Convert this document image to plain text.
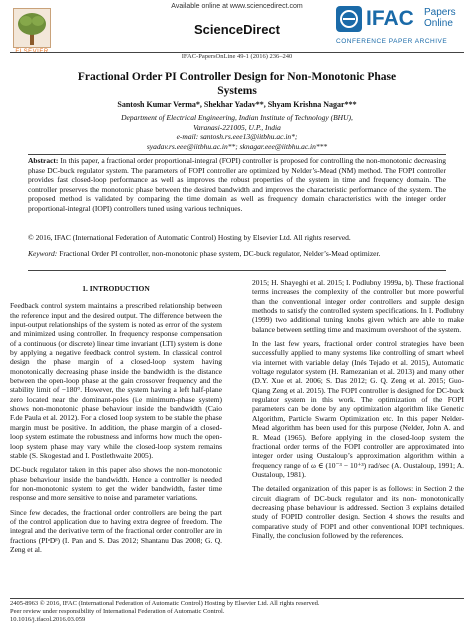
Available online at www.sciencedirect.com
ScienceDirect	IFAC Papers
Online
CONFERENCE PAPER ARCHIVE
IFAC-PapersOnLine 49-1 (2016) 236–240
Fractional Order PI Controller Design for Non-Monotonic Phase Systems
Santosh Kumar Verma*, Shekhar Yadav**, Shyam Krishna Nagar***
Department of Electrical Engineering, Indian Institute of Technology (BHU),
Varanasi-221005, U.P., India
e-mail: santosh.rs.eee13@iitbhu.ac.in*;
syadav.rs.eee@iitbhu.ac.in**; sknagar.eee@iitbhu.ac.in***
Abstract: In this paper, a fractional order proportional-integral (FOPI) controller is proposed for controlling the non-monotonic decreasing phase DC-buck regulator system. The parameters of FOPI controller are optimized by Nelder’s-Mead (NM) method. The FOPI controller provides fast closed-loop performance as well as improves the robust properties of the system in time and frequency domain. The controller preserves the monotonic phase between the desired bandwidth and improves the characteristic performance of the system. The proposed method is validated by comparing the time domain as well as frequency domain characteristics with the integer order proportional-integral (IOPI) controllers tuned using various techniques.
© 2016, IFAC (International Federation of Automatic Control) Hosting by Elsevier Ltd. All rights reserved.
Keyword: Fractional Order PI controller, non-monotonic phase system, DC-buck regulator, Nelder’s-Mead optimizer.
1. INTRODUCTION

Feedback control system maintains a prescribed relationship between the reference input and the desired output. The difference between the input-output relationships of the system is noted as error of the system and minimized using controller. In frequency response compensation of a continuous (or discrete) linear time invariant (LTI) system is done by applying a negative feedback control system. In classical control design the phase margin of a closed-loop system having monotonically decreasing phase inside the bandwidth is the distance between the open-loop phase at the gain crossover frequency and the stability limit of −180°. However, the system having a left half-plane zero located near the dominant-poles (i.e minimum-phase system) shows non-monotonic phase behaviour inside the bandwidth (Caio F.de Paula et al. 2012). For a closed loop system to be stable the phase margin must be positive. In addition, the phase margin of a closed-loop system estimate the robustness and informs how much the open-loop system phase may vary while the closed-loop system remains stable (S. Skogestad and I. Postlethwaite 2005).

DC-buck regulator taken in this paper also shows the non-monotonic phase behaviour inside the bandwidth. Hence a controller is needed for non-monotonic system to get the wider bandwidth, faster time response and more sensitive to noise and parameter variations.

Since few decades, the fractional order controllers are being the part of the control application due to having extra degree of freedom. The integral and the derivative term of the fractional order controller are in fractions (PIᵃDᵝ) (I. Pan and S. Das 2012; Shantanu Das 2008; G. Q. Zeng et al.

2015; H. Shayeghi et al. 2015; I. Podlubny 1999a, b). These fractional terms increases the complexity of the controller but more powerful than the conventional integer order controllers and supple design methods to satisfy the controlled system specifications. In I. Podlubny (1999) two additional tuning knobs given which are able to make balance between settling time and maximum overshoot of the system.

In the last few years, fractional order control strategies have been successfully applied to many systems like controlling of smart wheel via internet with variable delay (Inés Tejado et al. 2015), Automatic voltage regulator system (H. Ramezanian et al. 2013) and many other (D.Y. Xue et al. 2006; S. Das 2012; G. Q. Zeng et al. 2015; Guo-Qiang Zeng et al. 2015). The FOPI controller is designed for DC-buck regulator system in this work. The optimization of the FOPI parameters can be done by any optimization algorithm like Genetic Algorithm, Particle Swarm Optimization etc. In this paper Nelder-Mead algorithm has been used for this purpose (Nelder, John A. and R. Mead (1965). Before applying in the closed-loop system the fractional order terms of the FOPI controller are approximated into integer order using Oustaloup’s approximation algorithm within a frequency range of ω ∈ (10⁻³ − 10⁺³) rad/sec (A. Oustaloup, 1991; A. Oustaloup, 1981).

The detailed organization of this paper is as follows: in Section 2 the circuit diagram of DC-buck regulator and its non- monotonically decreasing phase behaviour is addressed. Section 3 explains detailed study of FOPID controller design. Section 4 shows the results and comparative study of FOPI and other conventional IOPI techniques. Finally, the conclusion followed by the references.

2405-8963 © 2016, IFAC (International Federation of Automatic Control) Hosting by Elsevier Ltd. All rights reserved.
Peer review under responsibility of International Federation of Automatic Control.
10.1016/j.ifacol.2016.03.059
